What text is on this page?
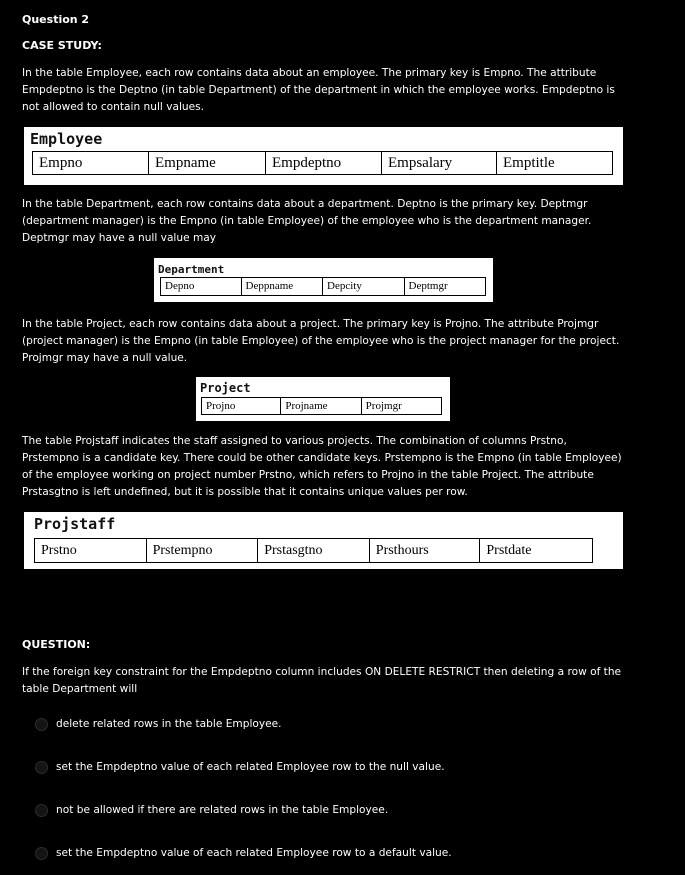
Question 2
CASE STUDY:
In the table Employee, each row contains data about an employee. The primary key is Empno. The attribute Empdeptno is the Deptno (in table Department) of the department in which the employee works. Empdeptno is not allowed to contain null values.
Employee
Empno	Empname	Empdeptno	Empsalary	Emptitle
In the table Department, each row contains data about a department. Deptno is the primary key. Deptmgr (department manager) is the Empno (in table Employee) of the employee who is the department manager. Deptmgr may have a null value may
Department
Depno	Deppname	Depcity	Deptmgr
In the table Project, each row contains data about a project. The primary key is Projno. The attribute Projmgr (project manager) is the Empno (in table Employee) of the employee who is the project manager for the project. Projmgr may have a null value.
Project
Projno	Projname	Projmgr
The table Projstaff indicates the staff assigned to various projects. The combination of columns Prstno, Prstempno is a candidate key. There could be other candidate keys. Prstempno is the Empno (in table Employee) of the employee working on project number Prstno, which refers to Projno in the table Project. The attribute Prstasgtno is left undefined, but it is possible that it contains unique values per row.
Projstaff
Prstno	Prstempno	Prstasgtno	Prsthours	Prstdate
QUESTION:
If the foreign key constraint for the Empdeptno column includes ON DELETE RESTRICT then deleting a row of the table Department will
delete related rows in the table Employee.
set the Empdeptno value of each related Employee row to the null value.
not be allowed if there are related rows in the table Employee.
set the Empdeptno value of each related Employee row to a default value.
